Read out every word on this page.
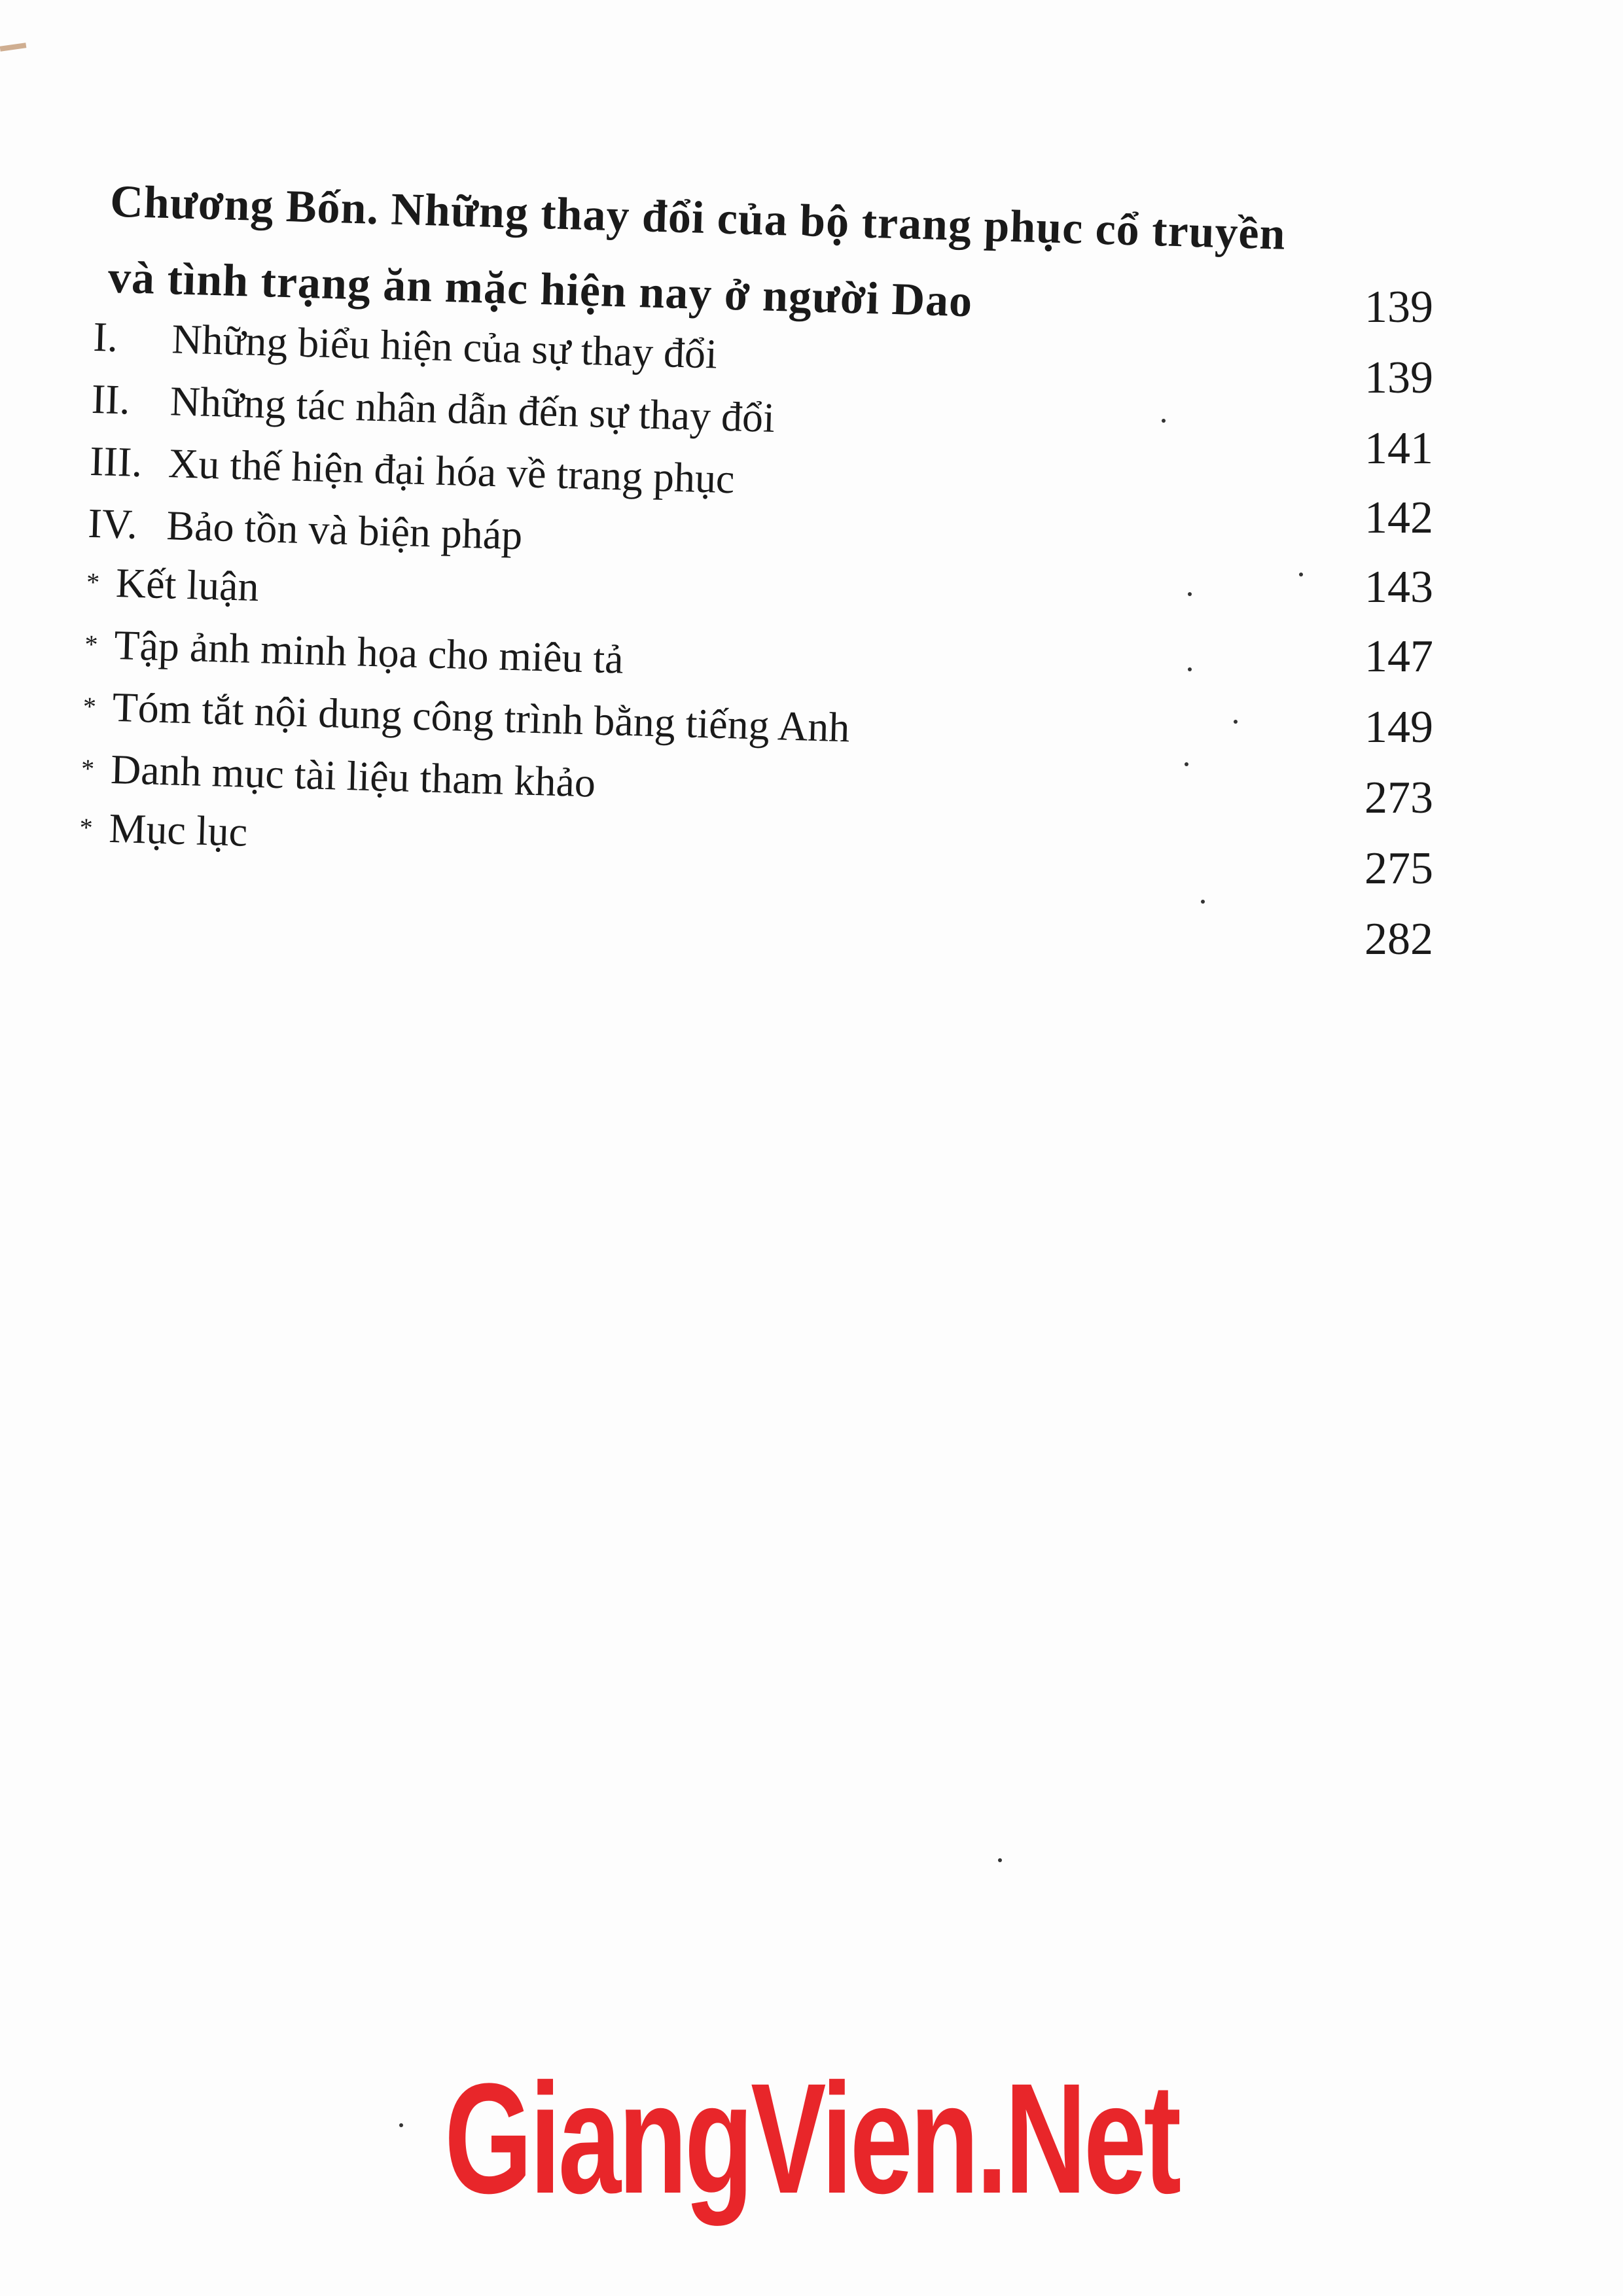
Chương Bốn. Những thay đổi của bộ trang phục cổ truyền
và tình trạng ăn mặc hiện nay ở người Dao
I. Những biểu hiện của sự thay đổi
II. Những tác nhân dẫn đến sự thay đổi
III. Xu thế hiện đại hóa về trang phục
IV. Bảo tồn và biện pháp
* Kết luận
* Tập ảnh minh họa cho miêu tả
* Tóm tắt nội dung công trình bằng tiếng Anh
* Danh mục tài liệu tham khảo
* Mục lục
139
139
141
142
143
147
149
273
275
282
GiangVien.Net
